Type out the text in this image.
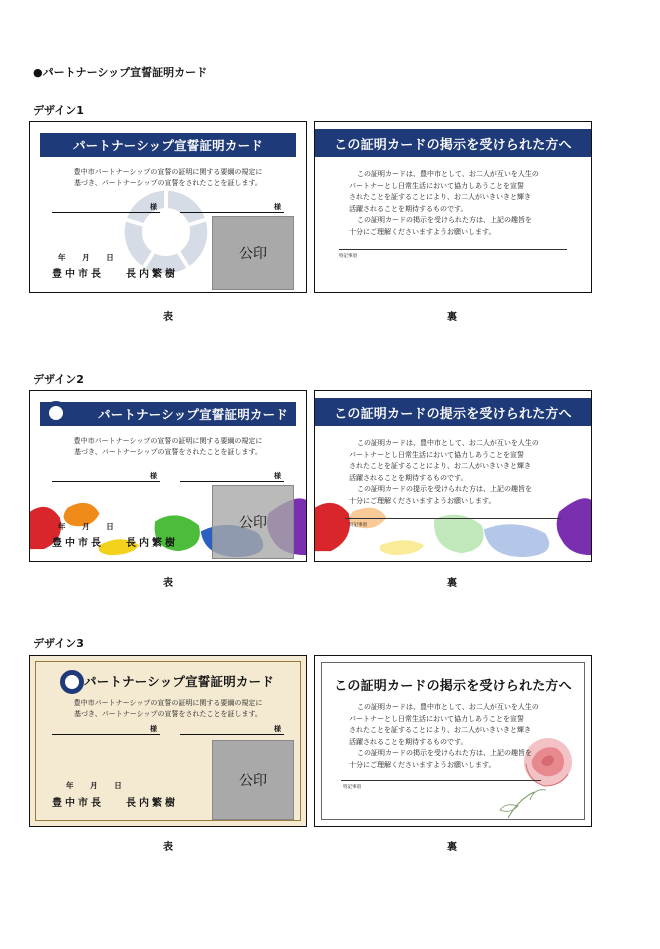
●パートナーシップ宣誓証明カード
デザイン1
パートナーシップ宣誓証明カード
豊中市パートナーシップの宣誓の証明に関する要綱の規定に
基づき、パートナーシップの宣誓をされたことを証します。
様	様
公印
年 月 日
豊中市長 長内繁樹
この証明カードの掲示を受けられた方へ
この証明カードは、豊中市として、お二人が互いを人生の
パートナーとし日常生活において協力しあうことを宣誓
されたことを証することにより、お二人がいきいきと輝き
活躍されることを期待するものです。
この証明カードの掲示を受けられた方は、上記の趣旨を
十分にご理解くださいますようお願いします。
特記事項
表	裏
デザイン2
パートナーシップ宣誓証明カード
豊中市パートナーシップの宣誓の証明に関する要綱の規定に
基づき、パートナーシップの宣誓をされたことを証します。
様	様
公印
年 月 日
豊中市長 長内繁樹
この証明カードの提示を受けられた方へ
この証明カードは、豊中市として、お二人が互いを人生の
パートナーとし日常生活において協力しあうことを宣誓
されたことを証することにより、お二人がいきいきと輝き
活躍されることを期待するものです。
この証明カードの提示を受けられた方は、上記の趣旨を
十分にご理解くださいますようお願いします。
特記事項
表	裏
デザイン3
パートナーシップ宣誓証明カード
豊中市パートナーシップの宣誓の証明に関する要綱の規定に
基づき、パートナーシップの宣誓をされたことを証します。
様	様
公印
年 月 日
豊中市長 長内繁樹
この証明カードの掲示を受けられた方へ
この証明カードは、豊中市として、お二人が互いを人生の
パートナーとし日常生活において協力しあうことを宣誓
されたことを証することにより、お二人がいきいきと輝き
活躍されることを期待するものです。
この証明カードの掲示を受けられた方は、上記の趣旨を
十分にご理解くださいますようお願いします。
特記事項
表	裏
